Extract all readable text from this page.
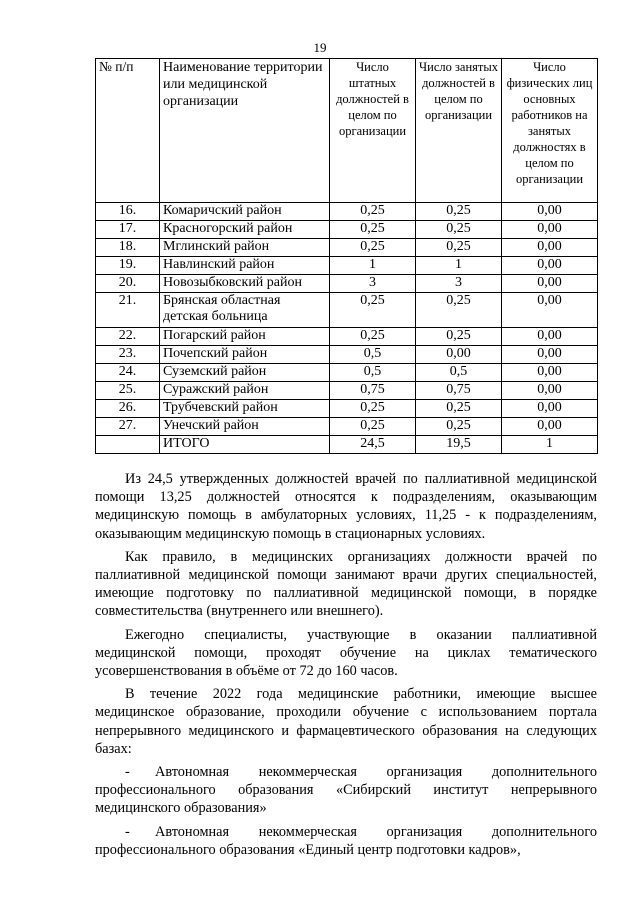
19
№ п/п	Наименование территории или медицинской организации	Число штатных должностей в целом по организации	Число занятых должностей в целом по организации	Число физических лиц основных работников на занятых должностях в целом по организации
16.	Комаричский район	0,25	0,25	0,00
17.	Красногорский район	0,25	0,25	0,00
18.	Мглинский район	0,25	0,25	0,00
19.	Навлинский район	1	1	0,00
20.	Новозыбковский район	3	3	0,00
21.	Брянская областная детская больница	0,25	0,25	0,00
22.	Погарский район	0,25	0,25	0,00
23.	Почепский район	0,5	0,00	0,00
24.	Суземский район	0,5	0,5	0,00
25.	Суражский район	0,75	0,75	0,00
26.	Трубчевский район	0,25	0,25	0,00
27.	Унечский район	0,25	0,25	0,00
	ИТОГО	24,5	19,5	1

Из 24,5 утвержденных должностей врачей по паллиативной медицинской помощи 13,25 должностей относятся к подразделениям, оказывающим медицинскую помощь в амбулаторных условиях, 11,25 - к подразделениям, оказывающим медицинскую помощь в стационарных условиях.

Как правило, в медицинских организациях должности врачей по паллиативной медицинской помощи занимают врачи других специальностей, имеющие подготовку по паллиативной медицинской помощи, в порядке совместительства (внутреннего или внешнего).

Ежегодно специалисты, участвующие в оказании паллиативной медицинской помощи, проходят обучение на циклах тематического усовершенствования в объёме от 72 до 160 часов.

В течение 2022 года медицинские работники, имеющие высшее медицинское образование, проходили обучение с использованием портала непрерывного медицинского и фармацевтического образования на следующих базах:

- Автономная некоммерческая организация дополнительного профессионального образования «Сибирский институт непрерывного медицинского образования»

- Автономная некоммерческая организация дополнительного профессионального образования «Единый центр подготовки кадров»,
